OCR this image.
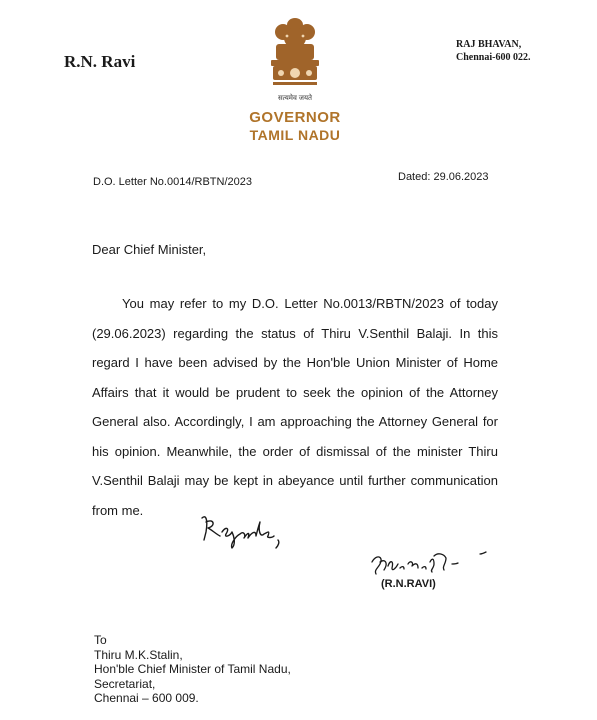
R.N. Ravi
RAJ BHAVAN,
Chennai-600 022.
सत्यमेव जयते
GOVERNOR
TAMIL NADU
D.O. Letter No.0014/RBTN/2023	Dated: 29.06.2023
Dear Chief Minister,

You may refer to my D.O. Letter No.0013/RBTN/2023 of today (29.06.2023) regarding the status of Thiru V.Senthil Balaji. In this regard I have been advised by the Hon'ble Union Minister of Home Affairs that it would be prudent to seek the opinion of the Attorney General also. Accordingly, I am approaching the Attorney General for his opinion. Meanwhile, the order of dismissal of the minister Thiru V.Senthil Balaji may be kept in abeyance until further communication from me.

(R.N.RAVI)
To
Thiru M.K.Stalin,
Hon'ble Chief Minister of Tamil Nadu,
Secretariat,
Chennai – 600 009.
